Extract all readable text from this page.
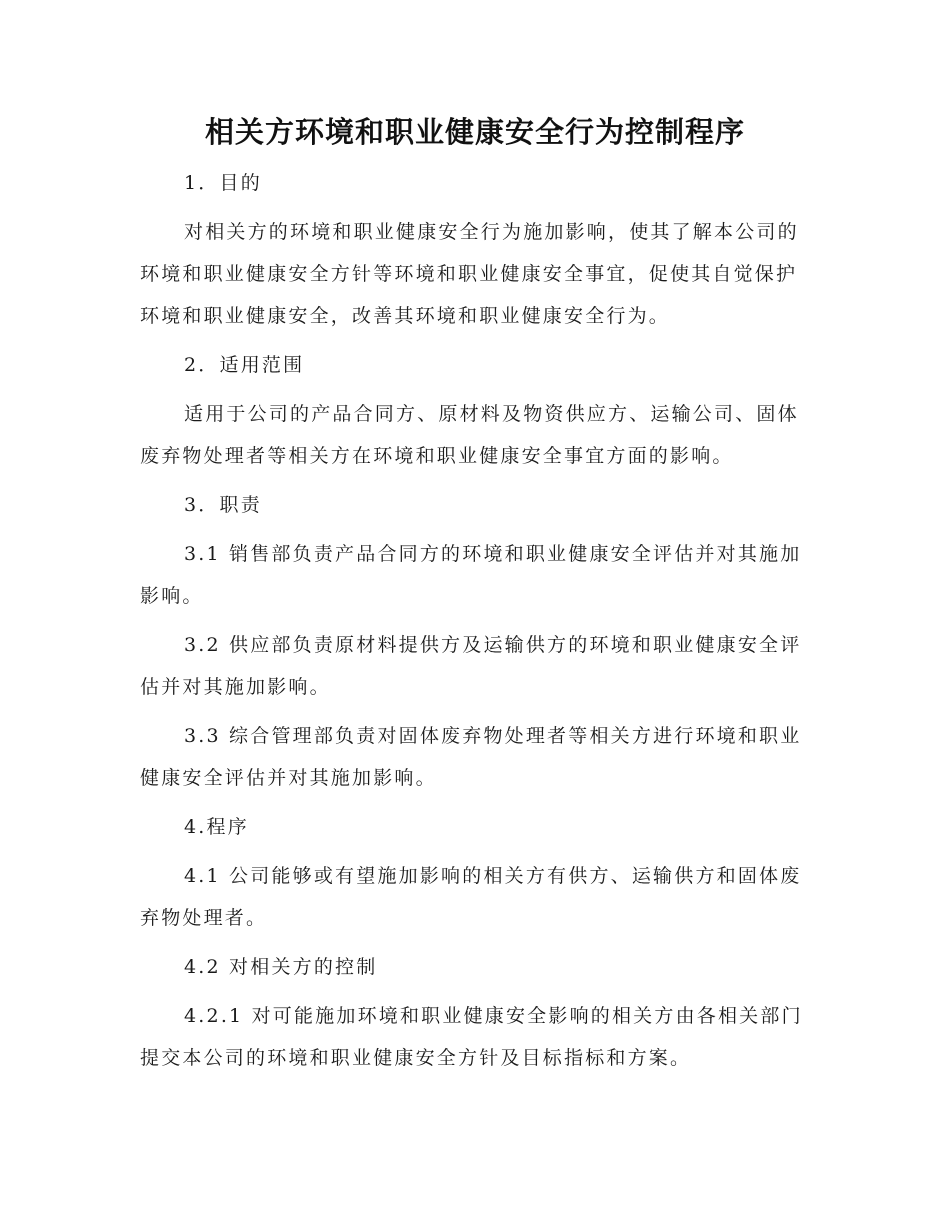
相关方环境和职业健康安全行为控制程序

1．目的

对相关方的环境和职业健康安全行为施加影响，使其了解本公司的环境和职业健康安全方针等环境和职业健康安全事宜，促使其自觉保护环境和职业健康安全，改善其环境和职业健康安全行为。

2．适用范围

适用于公司的产品合同方、原材料及物资供应方、运输公司、固体废弃物处理者等相关方在环境和职业健康安全事宜方面的影响。

3．职责

3.1 销售部负责产品合同方的环境和职业健康安全评估并对其施加影响。

3.2 供应部负责原材料提供方及运输供方的环境和职业健康安全评估并对其施加影响。

3.3 综合管理部负责对固体废弃物处理者等相关方进行环境和职业健康安全评估并对其施加影响。

4.程序

4.1 公司能够或有望施加影响的相关方有供方、运输供方和固体废弃物处理者。

4.2 对相关方的控制

4.2.1 对可能施加环境和职业健康安全影响的相关方由各相关部门提交本公司的环境和职业健康安全方针及目标指标和方案。
